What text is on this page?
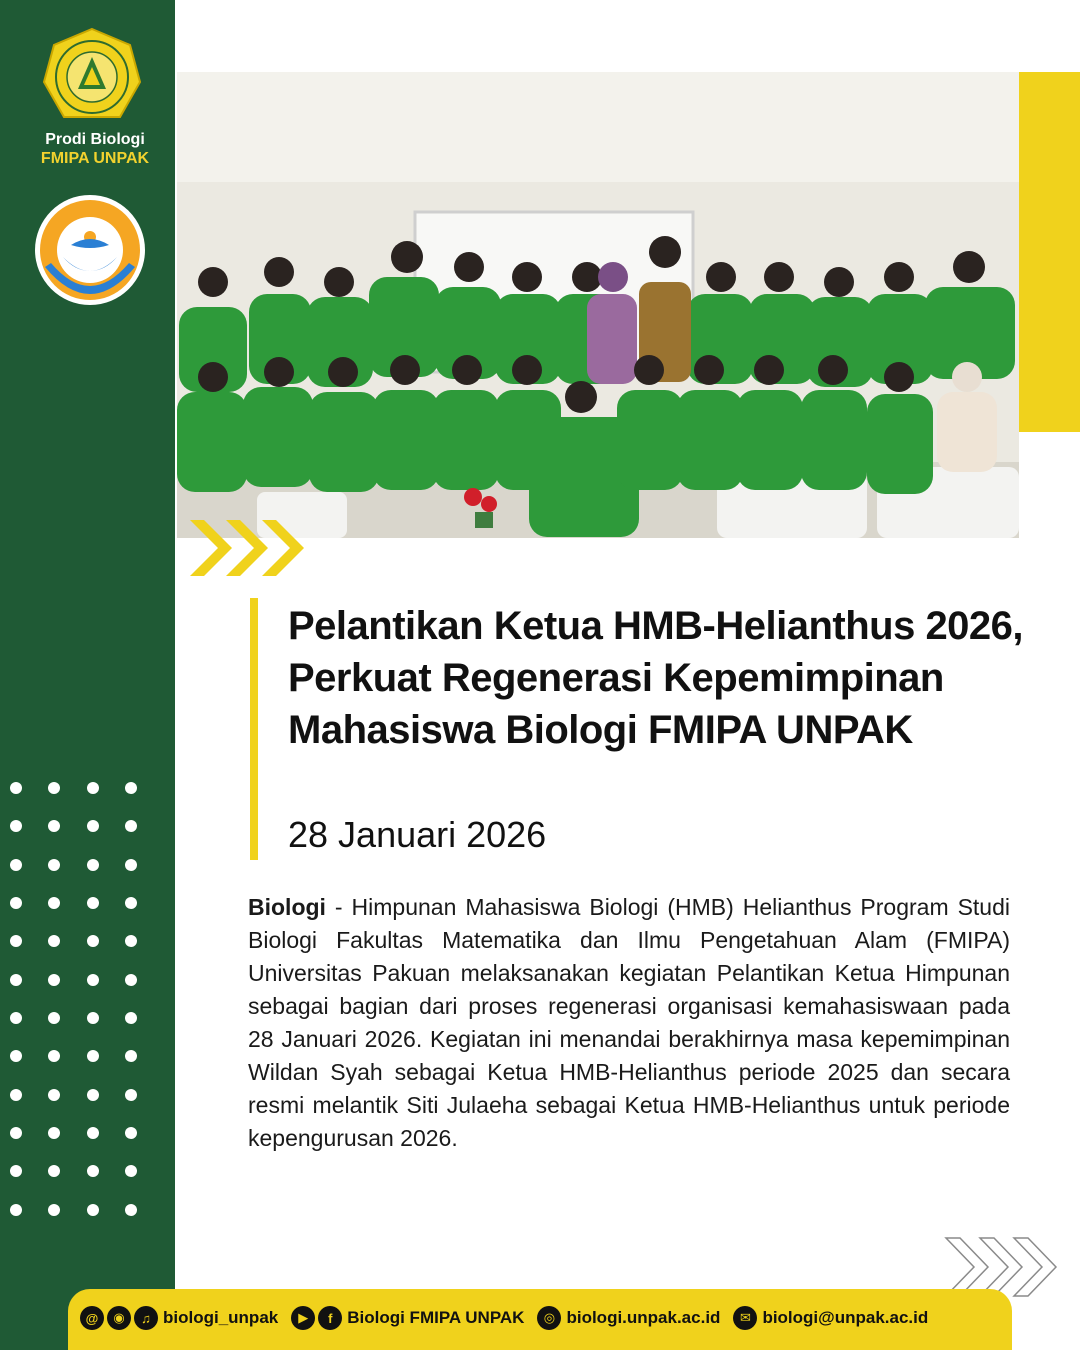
Prodi Biologi
FMIPA UNPAK
Pelantikan Ketua HMB-Helianthus 2026, Perkuat Regenerasi Kepemimpinan Mahasiswa Biologi FMIPA UNPAK
28 Januari 2026
Biologi - Himpunan Mahasiswa Biologi (HMB) Helianthus Program Studi Biologi Fakultas Matematika dan Ilmu Pengetahuan Alam (FMIPA) Universitas Pakuan melaksanakan kegiatan Pelantikan Ketua Himpunan sebagai bagian dari proses regenerasi organisasi kemahasiswaan pada 28 Januari 2026. Kegiatan ini menandai berakhirnya masa kepemimpinan Wildan Syah sebagai Ketua HMB-Helianthus periode 2025 dan secara resmi melantik Siti Julaeha sebagai Ketua HMB-Helianthus untuk periode kepengurusan 2026.
@	◉	♫ biologi_unpak	▶	f Biologi FMIPA UNPAK	◎ biologi.unpak.ac.id	✉ biologi@unpak.ac.id
